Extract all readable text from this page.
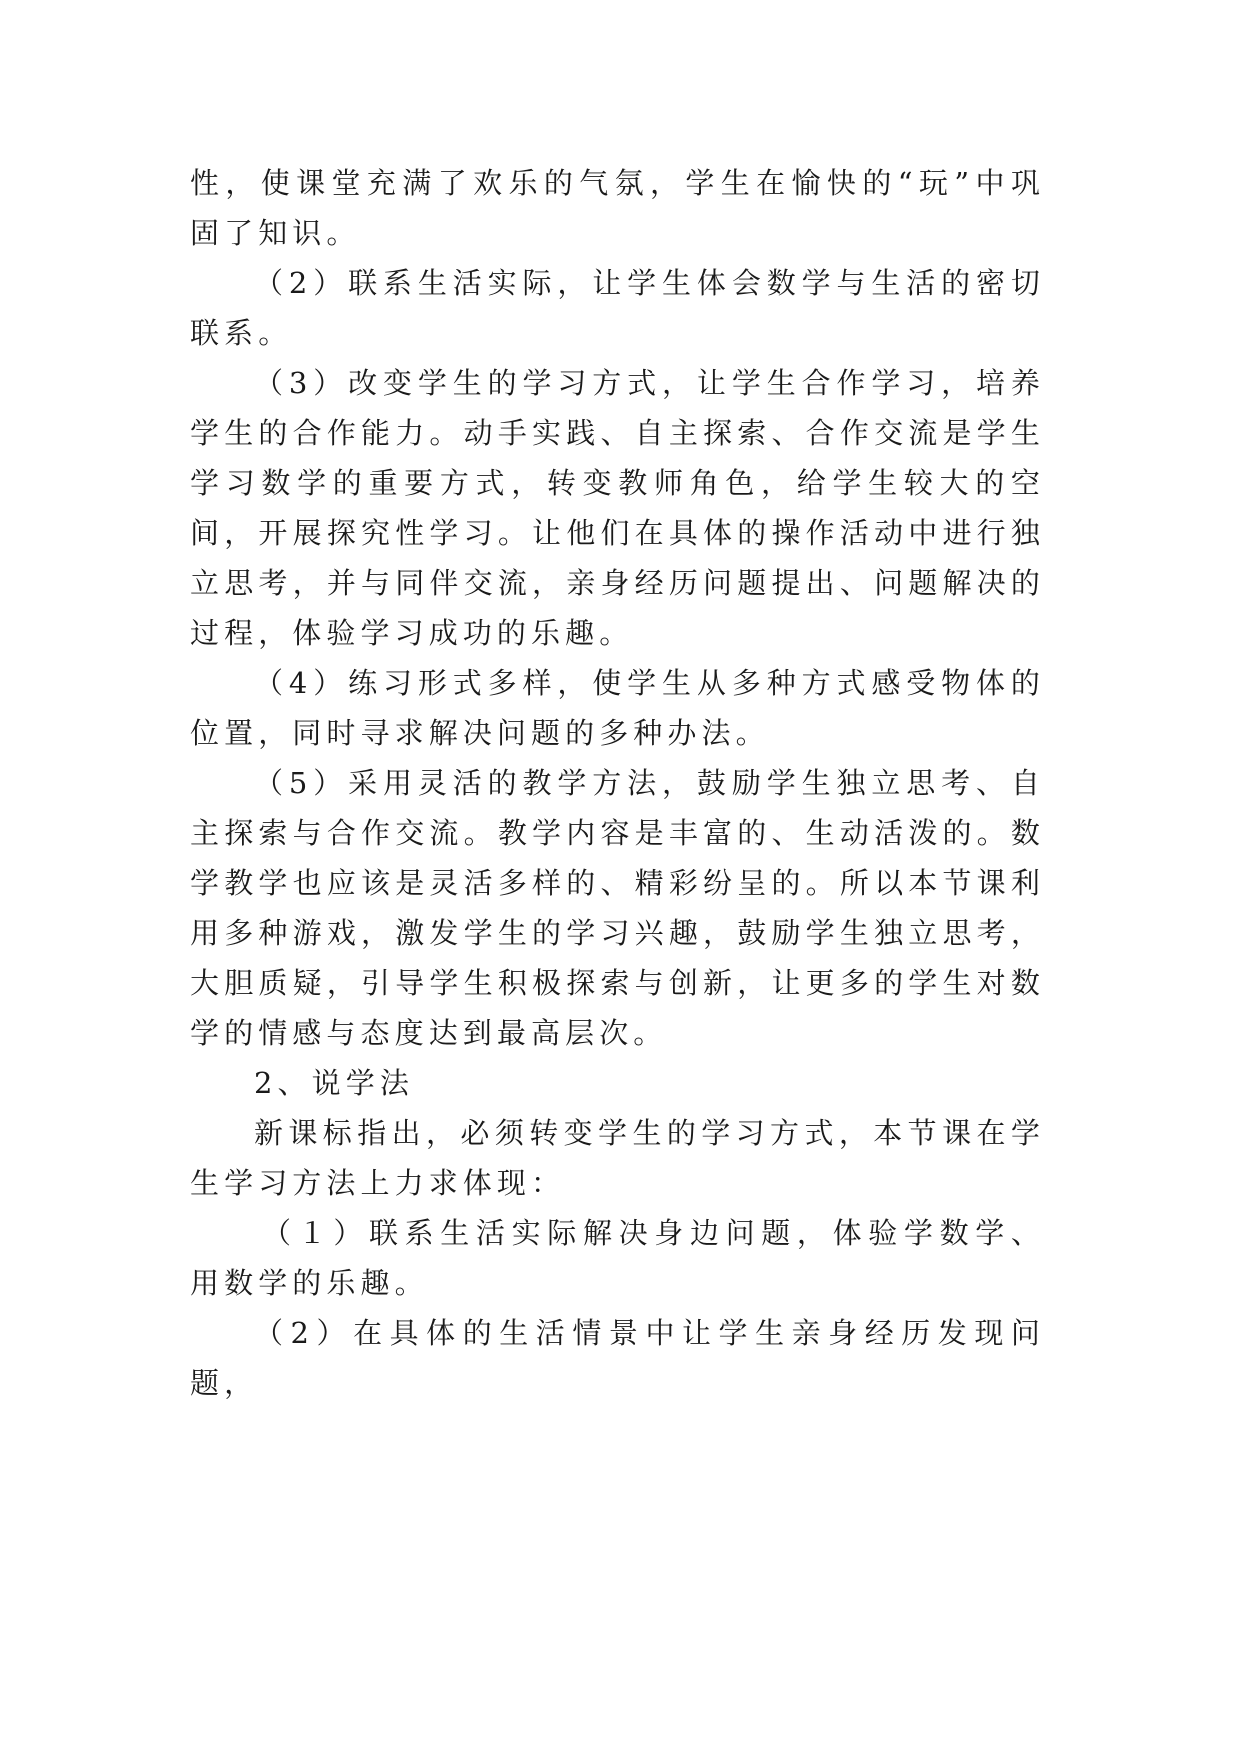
性，使课堂充满了欢乐的气氛，学生在愉快的“玩”中巩固了知识。

（2）联系生活实际，让学生体会数学与生活的密切联系。

（3）改变学生的学习方式，让学生合作学习，培养学生的合作能力。动手实践、自主探索、合作交流是学生学习数学的重要方式，转变教师角色，给学生较大的空间，开展探究性学习。让他们在具体的操作活动中进行独立思考，并与同伴交流，亲身经历问题提出、问题解决的过程，体验学习成功的乐趣。

（4）练习形式多样，使学生从多种方式感受物体的位置，同时寻求解决问题的多种办法。

（5）采用灵活的教学方法，鼓励学生独立思考、自主探索与合作交流。教学内容是丰富的、生动活泼的。数学教学也应该是灵活多样的、精彩纷呈的。所以本节课利用多种游戏，激发学生的学习兴趣，鼓励学生独立思考，大胆质疑，引导学生积极探索与创新，让更多的学生对数学的情感与态度达到最高层次。

2、说学法

新课标指出，必须转变学生的学习方式，本节课在学生学习方法上力求体现：

（１）联系生活实际解决身边问题，体验学数学、用数学的乐趣。

（2）在具体的生活情景中让学生亲身经历发现问题，
